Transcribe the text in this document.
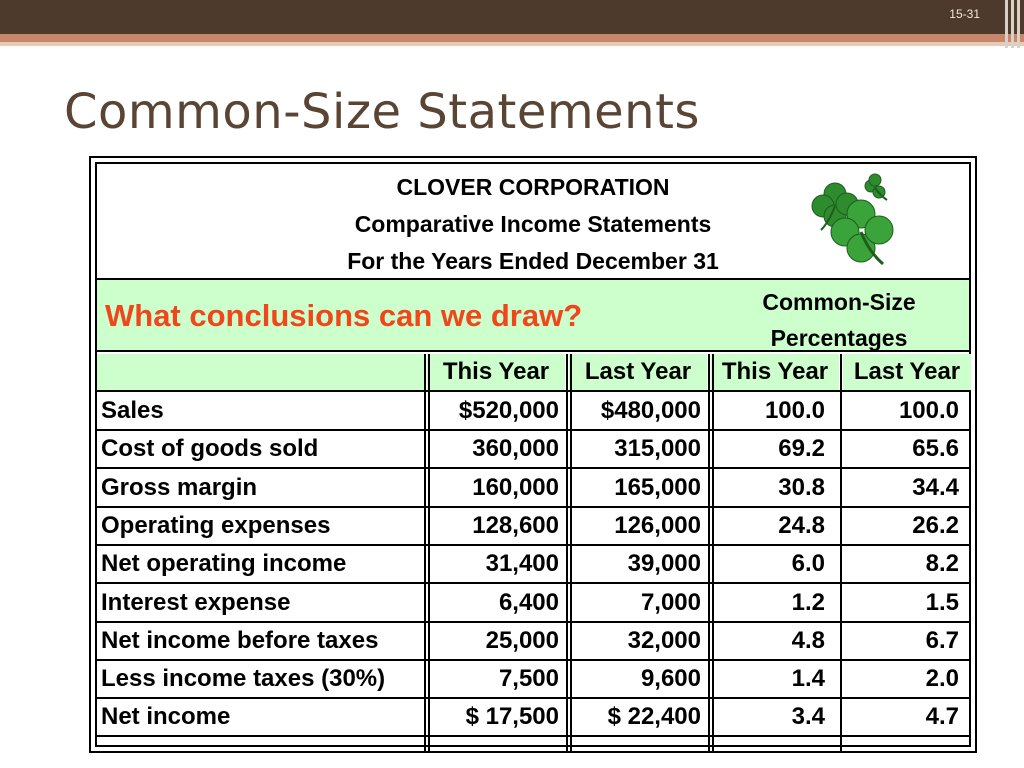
15-31
Common-Size Statements
CLOVER CORPORATION
Comparative Income Statements
For the Years Ended December 31
What conclusions can we draw?	Common-Size
Percentages
This Year	Last Year	This Year	Last Year
Sales	$520,000	$480,000	100.0	100.0
Cost of goods sold	360,000	315,000	69.2	65.6
Gross margin	160,000	165,000	30.8	34.4
Operating expenses	128,600	126,000	24.8	26.2
Net operating income	31,400	39,000	6.0	8.2
Interest expense	6,400	7,000	1.2	1.5
Net income before taxes	25,000	32,000	4.8	6.7
Less income taxes (30%)	7,500	9,600	1.4	2.0
Net income	$ 17,500	$ 22,400	3.4	4.7
